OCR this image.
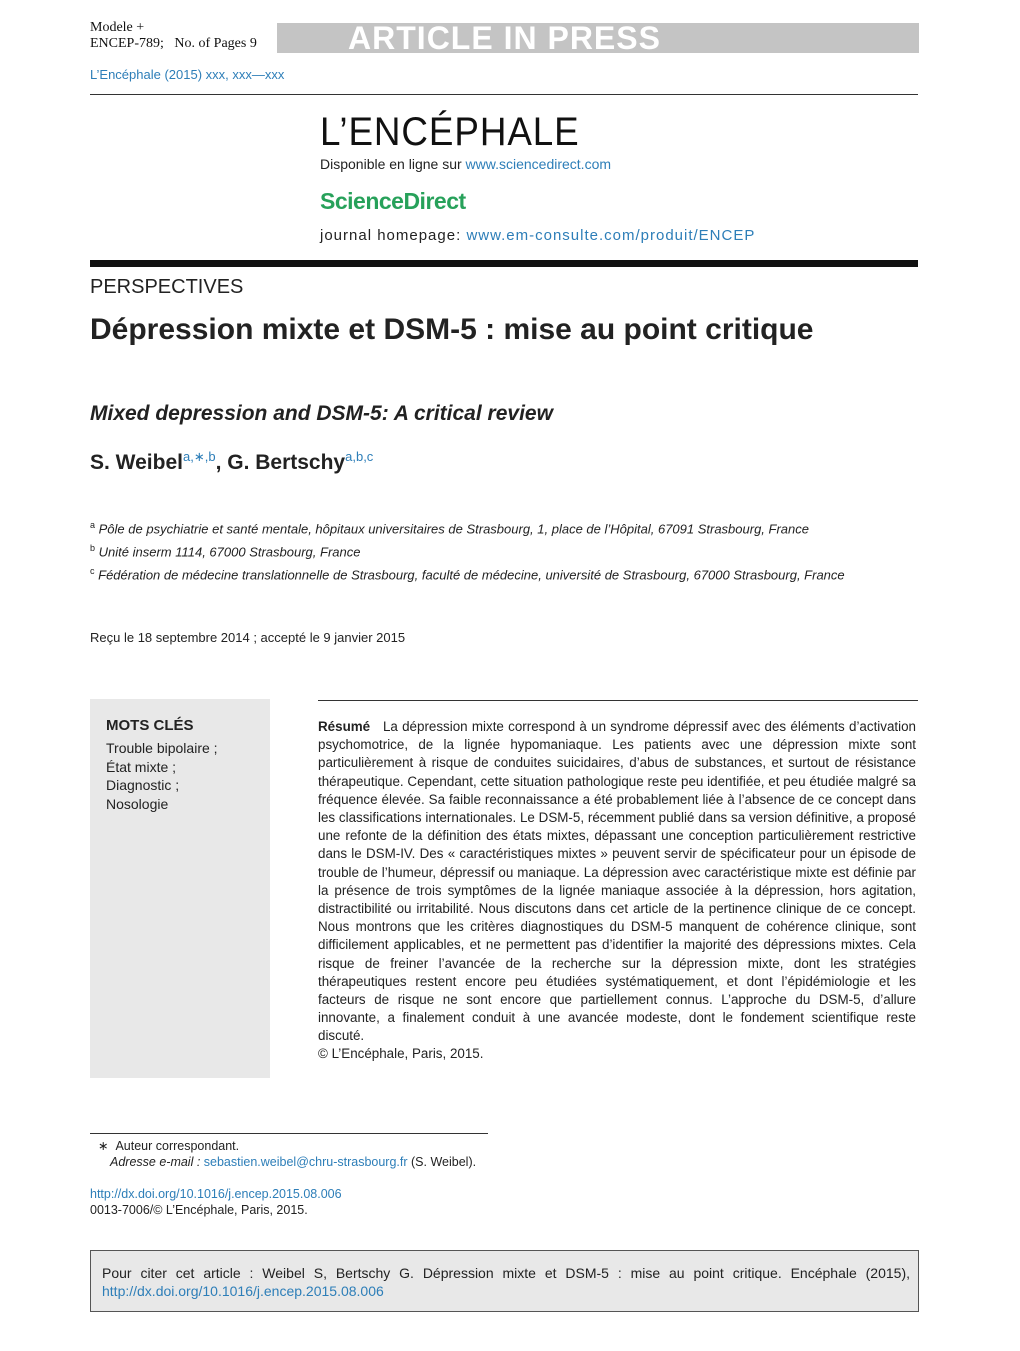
Modele +
ENCEP-789; No. of Pages 9	ARTICLE IN PRESS
L’Encéphale (2015) xxx, xxx—xxx
L’ENCÉPHALE
Disponible en ligne sur www.sciencedirect.com
ScienceDirect
journal homepage: www.em-consulte.com/produit/ENCEP
PERSPECTIVES
Dépression mixte et DSM-5 : mise au point critique
Mixed depression and DSM-5: A critical review
S. Weibel$^{a,∗,b}$, G. Bertschy$^{a,b,c}$
$^a$ Pôle de psychiatrie et santé mentale, hôpitaux universitaires de Strasbourg, 1, place de l’Hôpital, 67091 Strasbourg, France
$^b$ Unité inserm 1114, 67000 Strasbourg, France
$^c$ Fédération de médecine translationnelle de Strasbourg, faculté de médecine, université de Strasbourg, 67000 Strasbourg, France
Reçu le 18 septembre 2014 ; accepté le 9 janvier 2015
MOTS CLÉS
Trouble bipolaire ;
État mixte ;
Diagnostic ;
Nosologie
Résumé La dépression mixte correspond à un syndrome dépressif avec des éléments d’activation psychomotrice, de la lignée hypomaniaque. Les patients avec une dépression mixte sont particulièrement à risque de conduites suicidaires, d’abus de substances, et surtout de résistance thérapeutique. Cependant, cette situation pathologique reste peu identifiée, et peu étudiée malgré sa fréquence élevée. Sa faible reconnaissance a été probablement liée à l’absence de ce concept dans les classifications internationales. Le DSM-5, récemment publié dans sa version définitive, a proposé une refonte de la définition des états mixtes, dépassant une conception particulièrement restrictive dans le DSM-IV. Des « caractéristiques mixtes » peuvent servir de spécificateur pour un épisode de trouble de l’humeur, dépressif ou maniaque. La dépression avec caractéristique mixte est définie par la présence de trois symptômes de la lignée maniaque associée à la dépression, hors agitation, distractibilité ou irritabilité. Nous discutons dans cet article de la pertinence clinique de ce concept. Nous montrons que les critères diagnostiques du DSM-5 manquent de cohérence clinique, sont difficilement applicables, et ne permettent pas d’identifier la majorité des dépressions mixtes. Cela risque de freiner l’avancée de la recherche sur la dépression mixte, dont les stratégies thérapeutiques restent encore peu étudiées systématiquement, et dont l’épidémiologie et les facteurs de risque ne sont encore que partiellement connus. L’approche du DSM-5, d’allure innovante, a finalement conduit à une avancée modeste, dont le fondement scientifique reste discuté.
© L’Encéphale, Paris, 2015.
∗ Auteur correspondant.
Adresse e-mail : sebastien.weibel@chru-strasbourg.fr (S. Weibel).
http://dx.doi.org/10.1016/j.encep.2015.08.006
0013-7006/© L’Encéphale, Paris, 2015.
Pour citer cet article : Weibel S, Bertschy G. Dépression mixte et DSM-5 : mise au point critique. Encéphale (2015), http://dx.doi.org/10.1016/j.encep.2015.08.006
